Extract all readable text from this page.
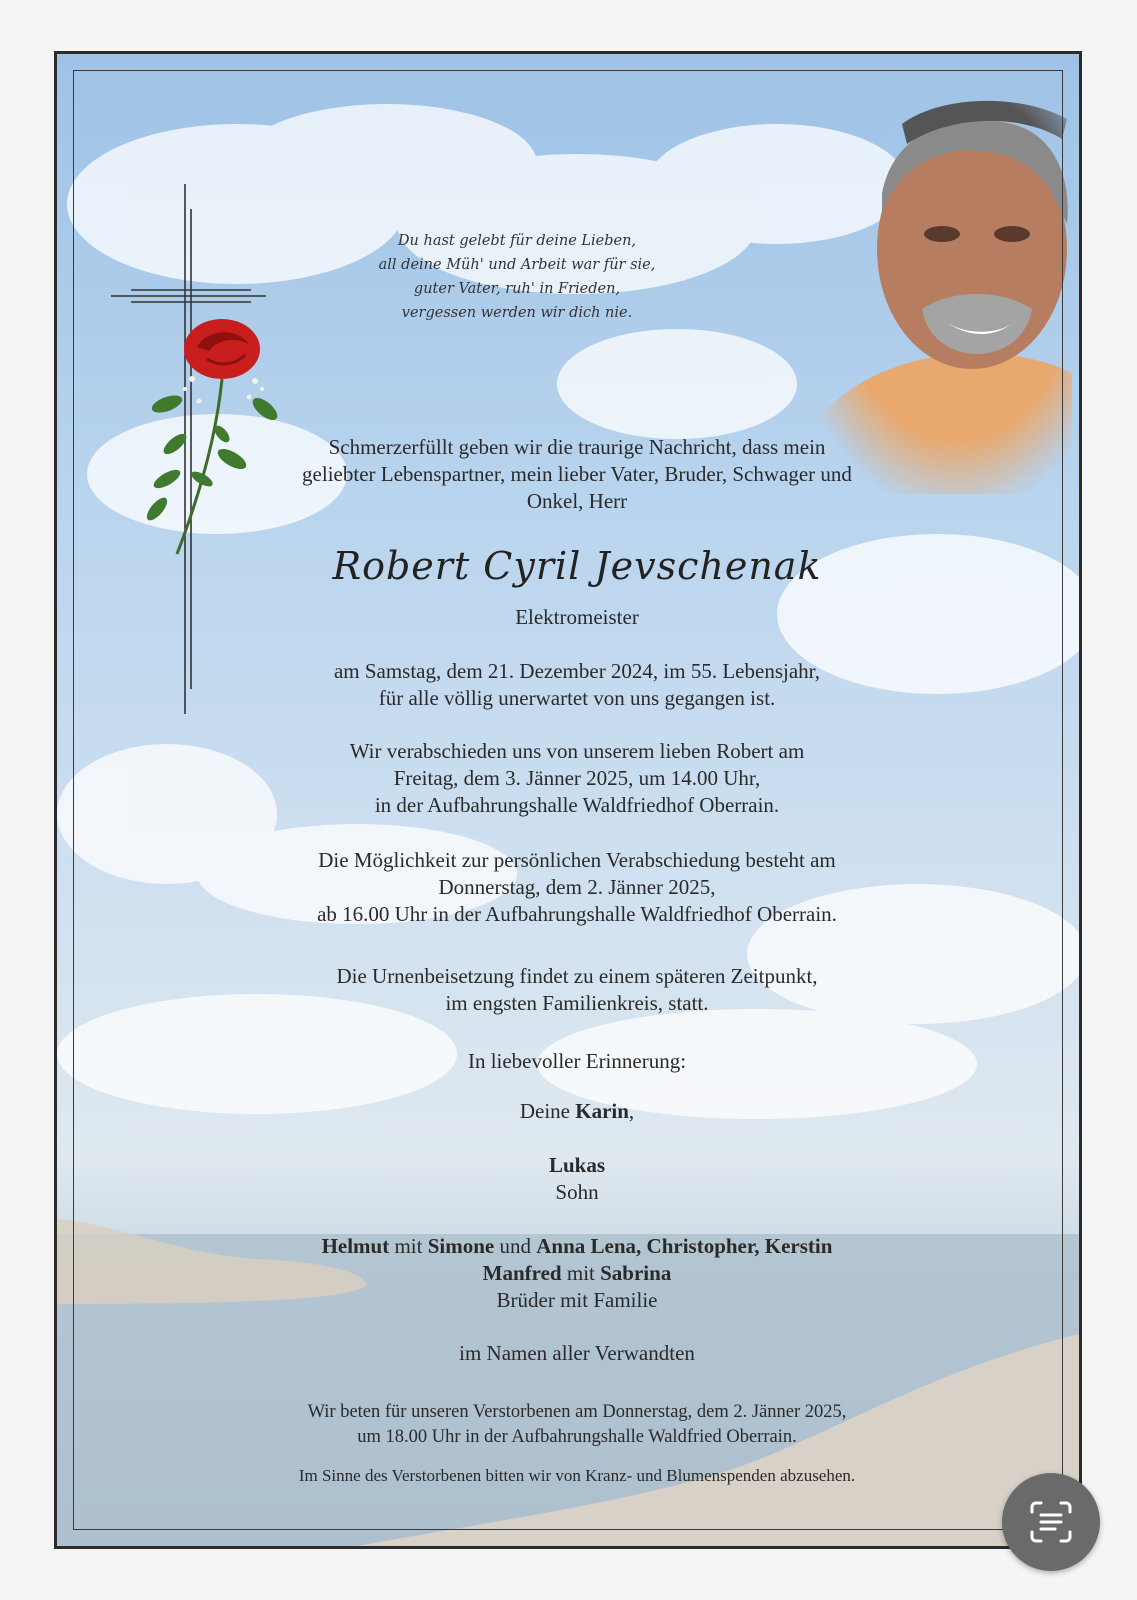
Du hast gelebt für deine Lieben,
all deine Müh' und Arbeit war für sie,
guter Vater, ruh' in Frieden,
vergessen werden wir dich nie.
Schmerzerfüllt geben wir die traurige Nachricht, dass mein
geliebter Lebenspartner, mein lieber Vater, Bruder, Schwager und
Onkel, Herr
Robert Cyril Jevschenak
Elektromeister
am Samstag, dem 21. Dezember 2024, im 55. Lebensjahr,
für alle völlig unerwartet von uns gegangen ist.
Wir verabschieden uns von unserem lieben Robert am
Freitag, dem 3. Jänner 2025, um 14.00 Uhr,
in der Aufbahrungshalle Waldfriedhof Oberrain.
Die Möglichkeit zur persönlichen Verabschiedung besteht am
Donnerstag, dem 2. Jänner 2025,
ab 16.00 Uhr in der Aufbahrungshalle Waldfriedhof Oberrain.
Die Urnenbeisetzung findet zu einem späteren Zeitpunkt,
im engsten Familienkreis, statt.
In liebevoller Erinnerung:
Deine Karin,
Lukas
Sohn
Helmut mit Simone und Anna Lena, Christopher, Kerstin
Manfred mit Sabrina
Brüder mit Familie
im Namen aller Verwandten
Wir beten für unseren Verstorbenen am Donnerstag, dem 2. Jänner 2025,
um 18.00 Uhr in der Aufbahrungshalle Waldfried Oberrain.
Im Sinne des Verstorbenen bitten wir von Kranz- und Blumenspenden abzusehen.
